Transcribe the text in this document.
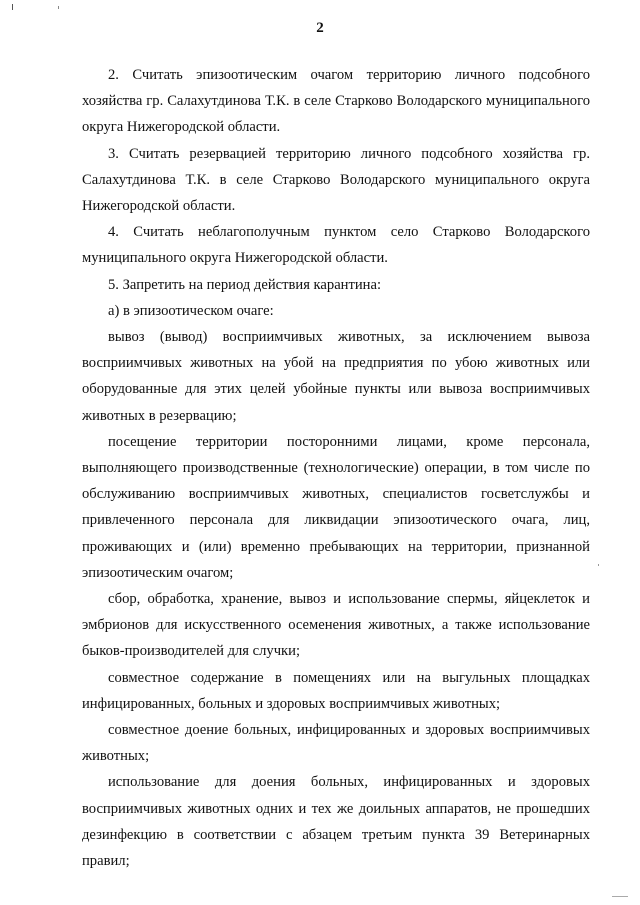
2

2. Считать эпизоотическим очагом территорию личного подсобного хозяйства гр. Салахутдинова Т.К. в селе Старково Володарского муниципального округа Нижегородской области.

3. Считать резервацией территорию личного подсобного хозяйства гр. Салахутдинова Т.К. в селе Старково Володарского муниципального округа Нижегородской области.

4. Считать неблагополучным пунктом село Старково Володарского муниципального округа Нижегородской области.

5. Запретить на период действия карантина:

а) в эпизоотическом очаге:

вывоз (вывод) восприимчивых животных, за исключением вывоза восприимчивых животных на убой на предприятия по убою животных или оборудованные для этих целей убойные пункты или вывоза восприимчивых животных в резервацию;

посещение территории посторонними лицами, кроме персонала, выполняющего производственные (технологические) операции, в том числе по обслуживанию восприимчивых животных, специалистов госветслужбы и привлеченного персонала для ликвидации эпизоотического очага, лиц, проживающих и (или) временно пребывающих на территории, признанной эпизоотическим очагом;

сбор, обработка, хранение, вывоз и использование спермы, яйцеклеток и эмбрионов для искусственного осеменения животных, а также использование быков-производителей для случки;

совместное содержание в помещениях или на выгульных площадках инфицированных, больных и здоровых восприимчивых животных;

совместное доение больных, инфицированных и здоровых восприимчивых животных;

использование для доения больных, инфицированных и здоровых восприимчивых животных одних и тех же доильных аппаратов, не прошедших дезинфекцию в соответствии с абзацем третьим пункта 39 Ветеринарных правил;
